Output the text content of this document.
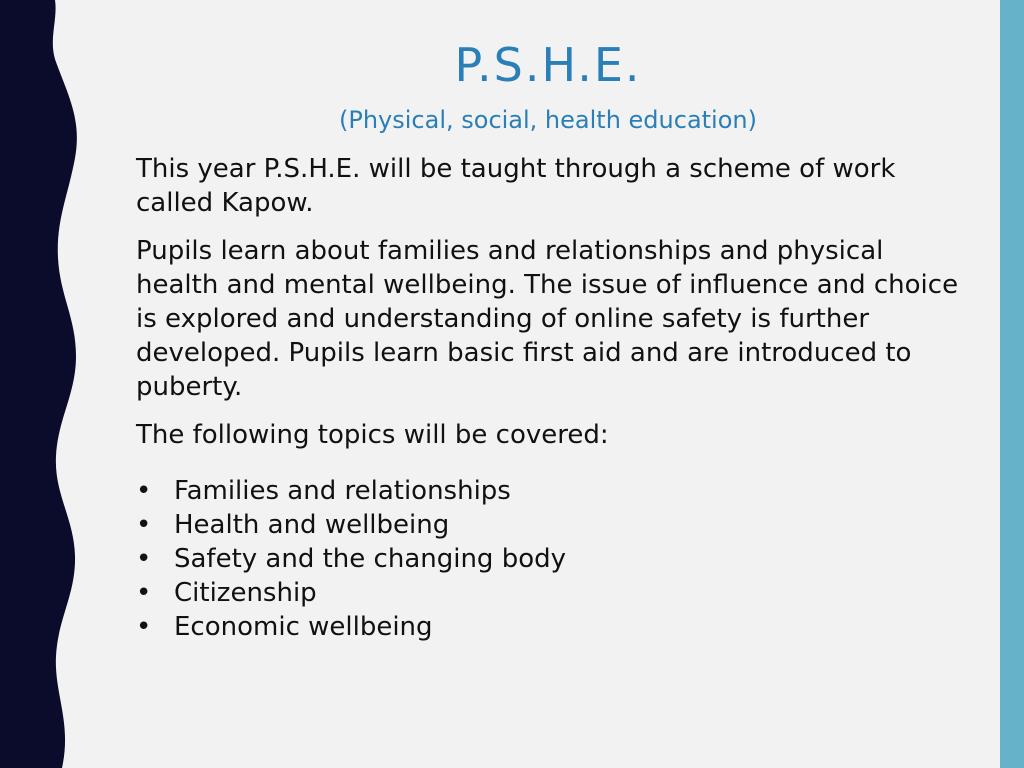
P.S.H.E.
(Physical, social, health education)

This year P.S.H.E. will be taught through a scheme of work called Kapow.

Pupils learn about families and relationships and physical health and mental wellbeing. The issue of influence and choice is explored and understanding of online safety is further developed. Pupils learn basic first aid and are introduced to puberty.

The following topics will be covered:

• Families and relationships
• Health and wellbeing
• Safety and the changing body
• Citizenship
• Economic wellbeing
